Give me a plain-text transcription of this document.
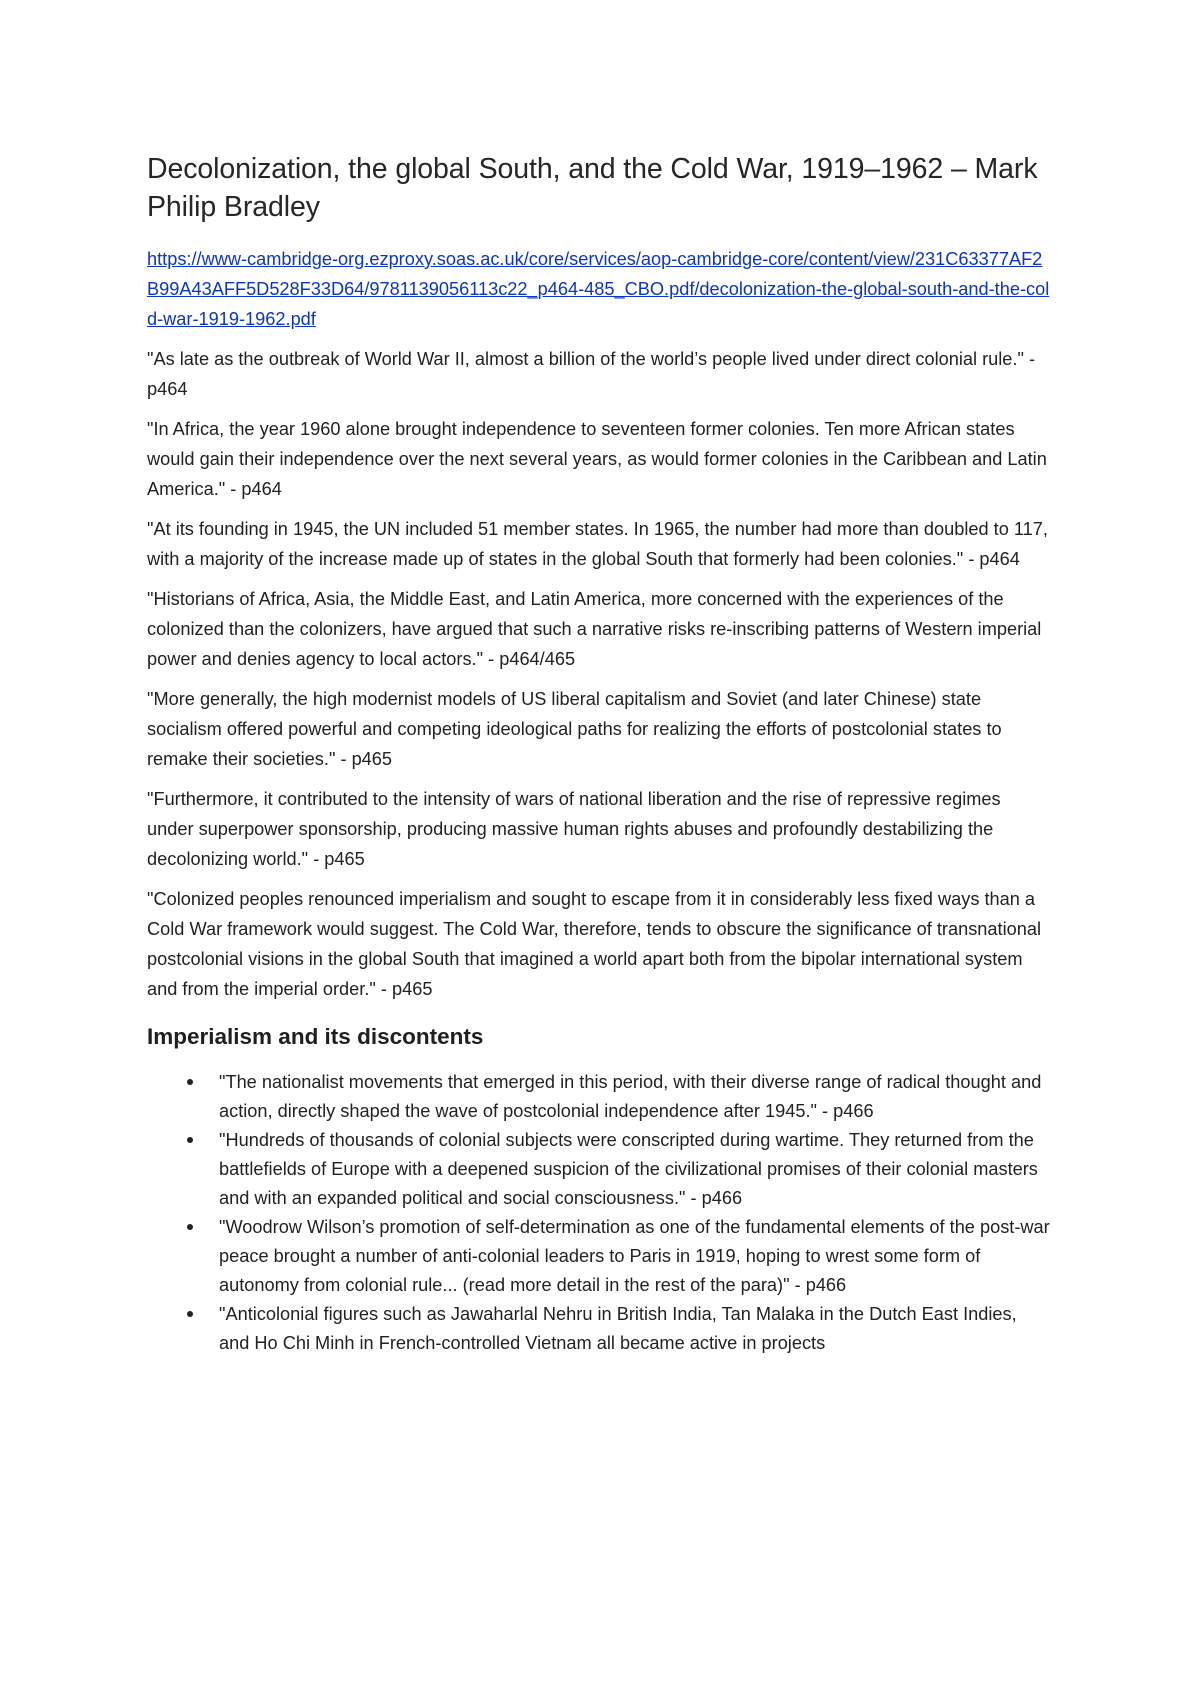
Decolonization, the global South, and the Cold War, 1919–1962 – Mark Philip Bradley
https://www-cambridge-org.ezproxy.soas.ac.uk/core/services/aop-cambridge-core/content/view/231C63377AF2B99A43AFF5D528F33D64/9781139056113c22_p464-485_CBO.pdf/decolonization-the-global-south-and-the-cold-war-1919-1962.pdf

"As late as the outbreak of World War II, almost a billion of the world’s people lived under direct colonial rule." - p464

"In Africa, the year 1960 alone brought independence to seventeen former colonies. Ten more African states would gain their independence over the next several years, as would former colonies in the Caribbean and Latin America." - p464

"At its founding in 1945, the UN included 51 member states. In 1965, the number had more than doubled to 117, with a majority of the increase made up of states in the global South that formerly had been colonies." - p464

"Historians of Africa, Asia, the Middle East, and Latin America, more concerned with the experiences of the colonized than the colonizers, have argued that such a narrative risks re-inscribing patterns of Western imperial power and denies agency to local actors." - p464/465

"More generally, the high modernist models of US liberal capitalism and Soviet (and later Chinese) state socialism offered powerful and competing ideological paths for realizing the efforts of postcolonial states to remake their societies." - p465

"Furthermore, it contributed to the intensity of wars of national liberation and the rise of repressive regimes under superpower sponsorship, producing massive human rights abuses and profoundly destabilizing the decolonizing world." - p465

"Colonized peoples renounced imperialism and sought to escape from it in considerably less fixed ways than a Cold War framework would suggest. The Cold War, therefore, tends to obscure the significance of transnational postcolonial visions in the global South that imagined a world apart both from the bipolar international system and from the imperial order." - p465

Imperialism and its discontents
"The nationalist movements that emerged in this period, with their diverse range of radical thought and action, directly shaped the wave of postcolonial independence after 1945." - p466
"Hundreds of thousands of colonial subjects were conscripted during wartime. They returned from the battlefields of Europe with a deepened suspicion of the civilizational promises of their colonial masters and with an expanded political and social consciousness." - p466
"Woodrow Wilson’s promotion of self-determination as one of the fundamental elements of the post-war peace brought a number of anti-colonial leaders to Paris in 1919, hoping to wrest some form of autonomy from colonial rule... (read more detail in the rest of the para)" - p466
"Anticolonial figures such as Jawaharlal Nehru in British India, Tan Malaka in the Dutch East Indies, and Ho Chi Minh in French-controlled Vietnam all became active in projects
